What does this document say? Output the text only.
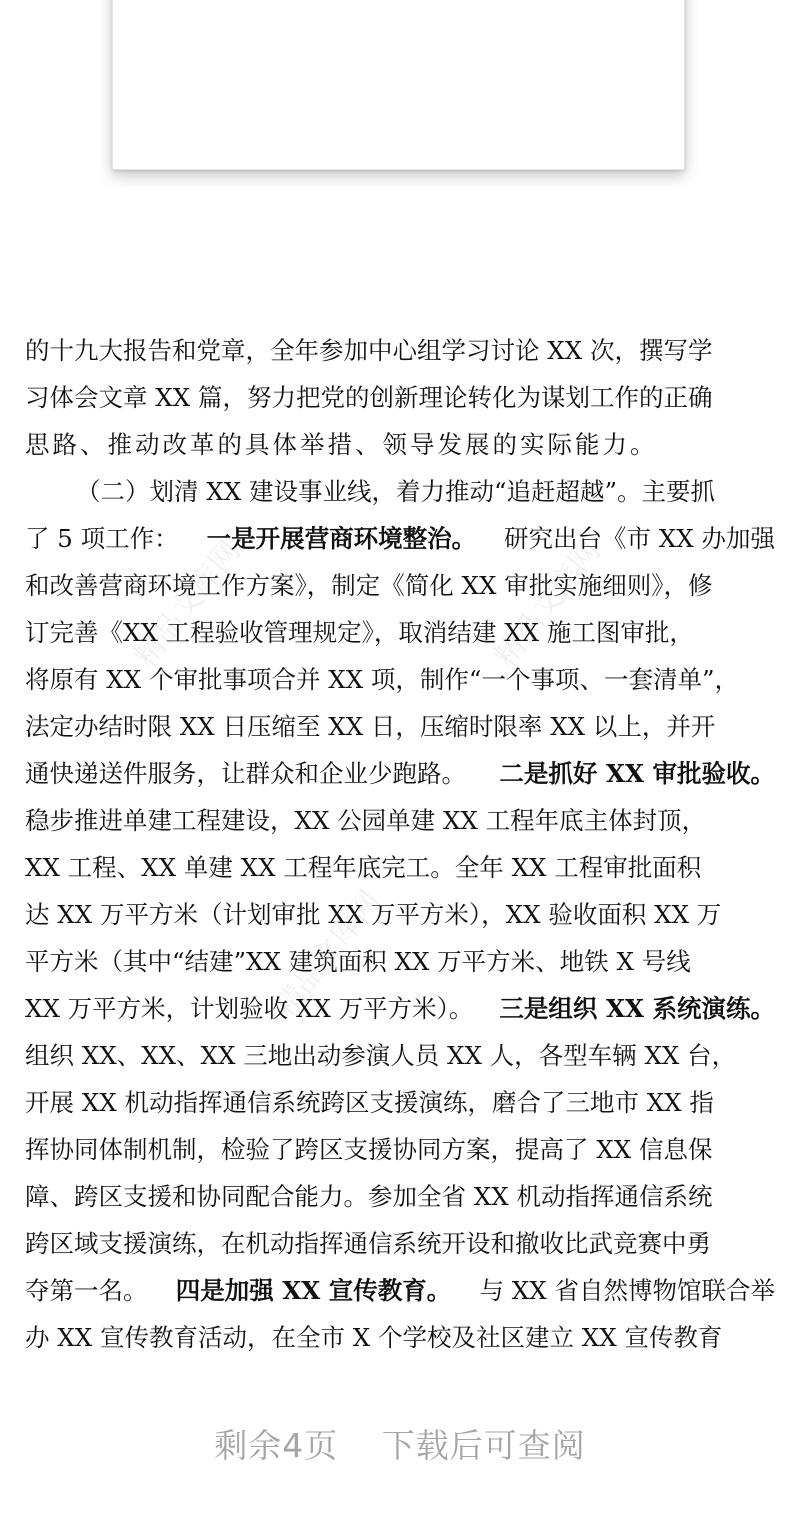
精品文库网	精品文库网
精品文库网
的十九大报告和党章，全年参加中心组学习讨论 XX 次，撰写学
习体会文章 XX 篇，努力把党的创新理论转化为谋划工作的正确
思路、推动改革的具体举措、领导发展的实际能力。
（二）划清 XX 建设事业线，着力推动“追赶超越”。主要抓
了 5 项工作： 一是开展营商环境整治。 研究出台《市 XX 办加强
和改善营商环境工作方案》，制定《简化 XX 审批实施细则》，修
订完善《XX 工程验收管理规定》，取消结建 XX 施工图审批，
将原有 XX 个审批事项合并 XX 项，制作“一个事项、一套清单”，
法定办结时限 XX 日压缩至 XX 日，压缩时限率 XX 以上，并开
通快递送件服务，让群众和企业少跑路。 二是抓好 XX 审批验收。
稳步推进单建工程建设，XX 公园单建 XX 工程年底主体封顶，
XX 工程、XX 单建 XX 工程年底完工。全年 XX 工程审批面积
达 XX 万平方米（计划审批 XX 万平方米），XX 验收面积 XX 万
平方米（其中“结建”XX 建筑面积 XX 万平方米、地铁 X 号线
XX 万平方米，计划验收 XX 万平方米）。 三是组织 XX 系统演练。
组织 XX、XX、XX 三地出动参演人员 XX 人，各型车辆 XX 台，
开展 XX 机动指挥通信系统跨区支援演练，磨合了三地市 XX 指
挥协同体制机制，检验了跨区支援协同方案，提高了 XX 信息保
障、跨区支援和协同配合能力。参加全省 XX 机动指挥通信系统
跨区域支援演练，在机动指挥通信系统开设和撤收比武竞赛中勇
夺第一名。 四是加强 XX 宣传教育。 与 XX 省自然博物馆联合举
办 XX 宣传教育活动，在全市 X 个学校及社区建立 XX 宣传教育
剩余4页 下载后可查阅
